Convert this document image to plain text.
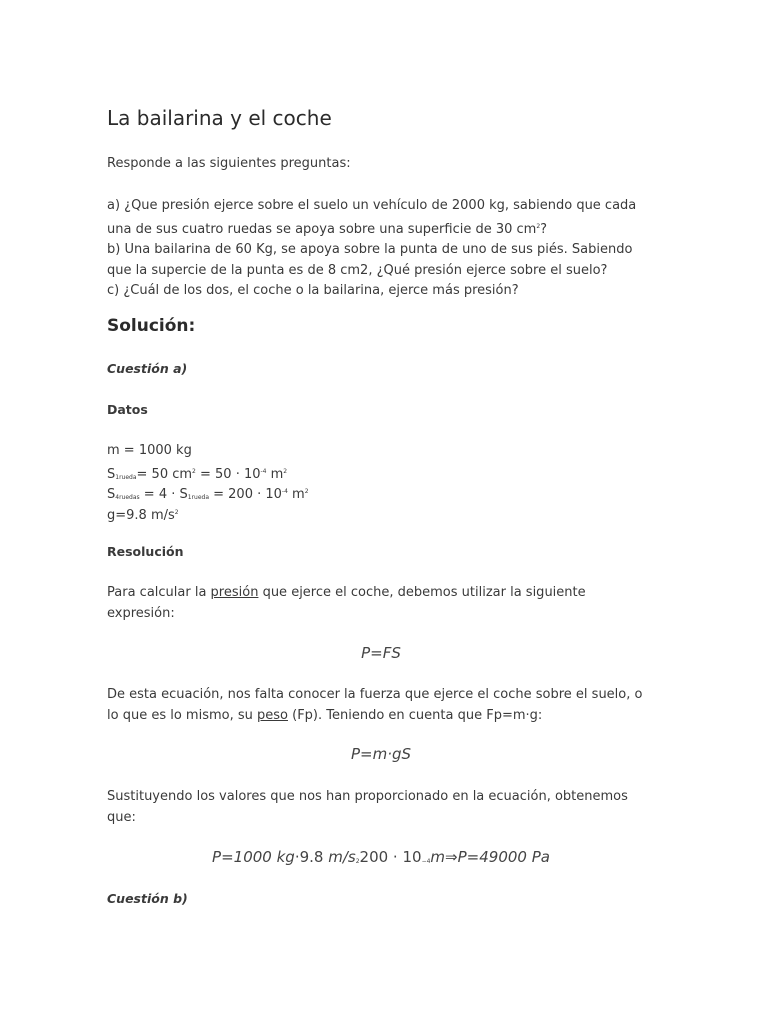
La bailarina y el coche
Responde a las siguientes preguntas:
a) ¿Que presión ejerce sobre el suelo un vehículo de 2000 kg, sabiendo que cada
una de sus cuatro ruedas se apoya sobre una superficie de 30 $cm^2$?
b) Una bailarina de 60 Kg, se apoya sobre la punta de uno de sus piés. Sabiendo
que la supercie de la punta es de 8 cm2, ¿Qué presión ejerce sobre el suelo?
c) ¿Cuál de los dos, el coche o la bailarina, ejerce más presión?
Solución:
Cuestión a)
Datos
m = 1000 kg
$S_{1rueda}= 50$ $cm^2 = 50 \cdot 10^{-4}$ $m^2$
$S_{4ruedas} = 4 \cdot S_{1rueda} = 200 \cdot 10^{-4}$ $m^2$
g=9.8 $m/s^2$
Resolución
Para calcular la presión que ejerce el coche, debemos utilizar la siguiente
expresión:
P=FS
De esta ecuación, nos falta conocer la fuerza que ejerce el coche sobre el suelo, o
lo que es lo mismo, su peso (Fp). Teniendo en cuenta que Fp=m·g:
P=m·gS
Sustituyendo los valores que nos han proporcionado en la ecuación, obtenemos
que:
P=1000 kg·9.8 $m/s_2200$ · $10_{-4}m\Rightarrow P=49000$ Pa
Cuestión b)
